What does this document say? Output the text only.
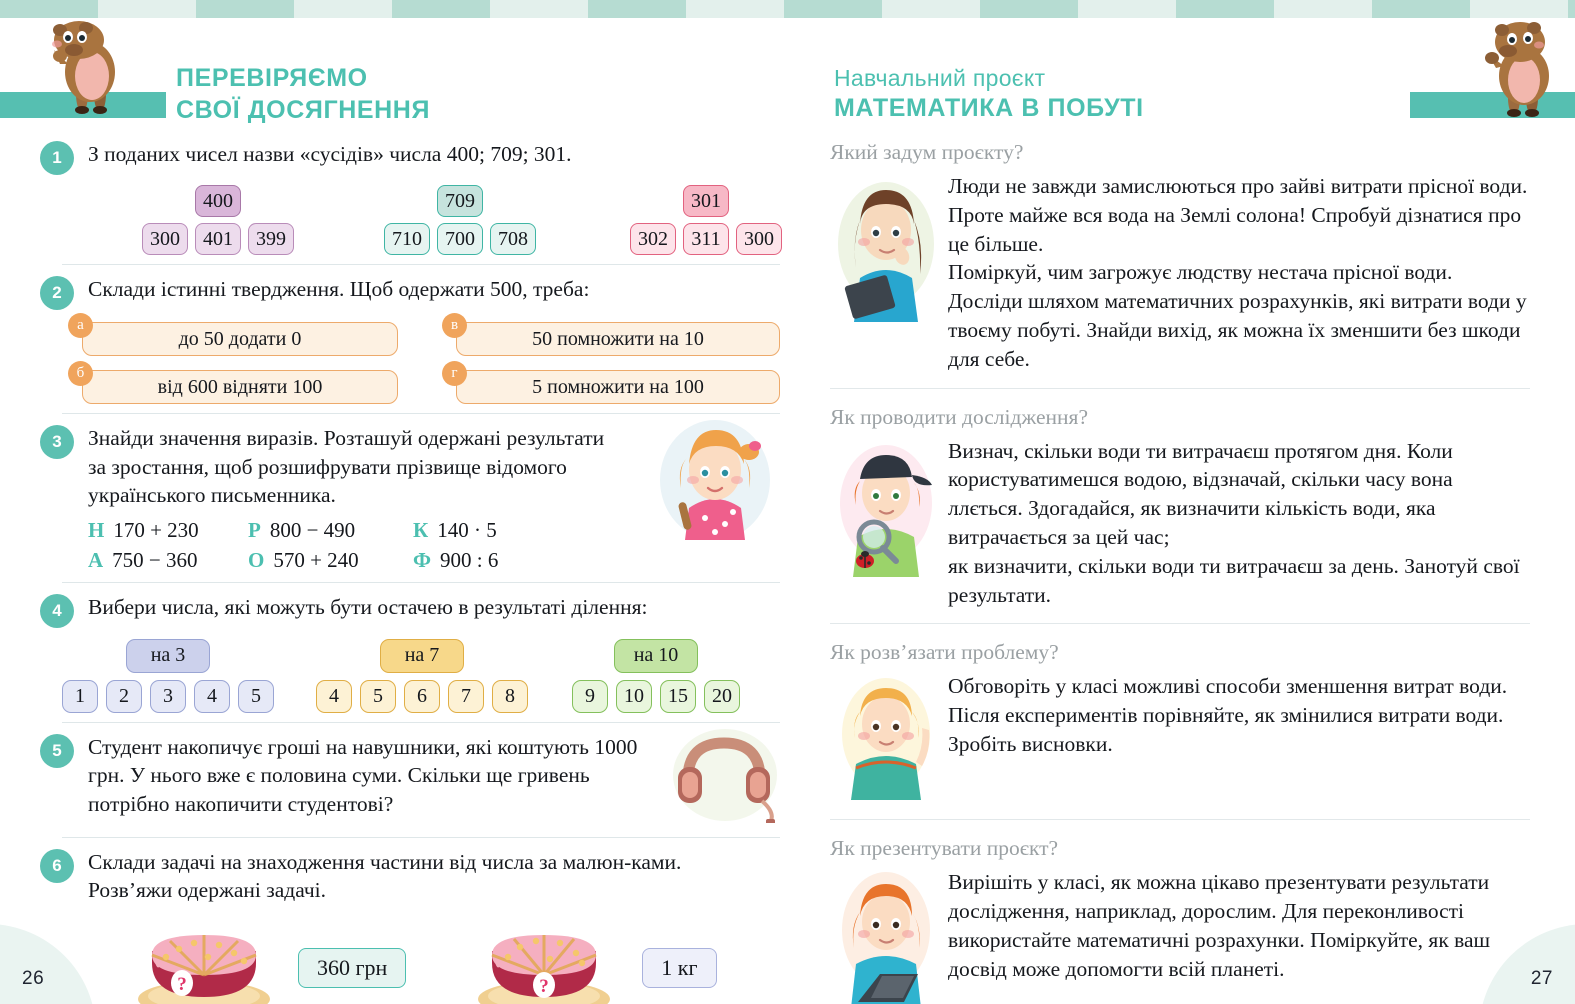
ПЕРЕВІРЯЄМО
СВОЇ ДОСЯГНЕННЯ
Навчальний проєкт
МАТЕМАТИКА В ПОБУТІ
1	З поданих чисел назви «сусідів» числа 400; 709; 301.
400
300	401	399
709
710	700	708
301
302	311	300
2	Склади істинні твердження. Щоб одержати 500, треба:
а
до 50 додати 0
в
50 помножити на 10
б
від 600 відняти 100
г
5 помножити на 100
3	Знайди значення виразів. Розташуй одержані результати за зростання, щоб розшифрувати прізвище відомого українського письменника.
Н 170 + 230	Р 800 − 490	К 140 · 5
А 750 − 360	О 570 + 240	Ф 900 : 6
4	Вибери числа, які можуть бути остачею в результаті ділення:
на 3
1	2	3	4	5
на 7
4	5	6	7	8
на 10
9	10	15	20
5	Студент накопичує гроші на навушники, які коштують 1000 грн. У нього вже є половина суми. Скільки ще гривень потрібно накопичити студентові?
6	Склади задачі на знаходження частини від числа за малюн-ками. Розв’яжи одержані задачі.
?
360 грн
?
1 кг
Який задум проєкту?
Люди не завжди замислюються про зайві витрати прісної води. Проте майже вся вода на Землі солона! Спробуй дізнатися про це більше.
Поміркуй, чим загрожує людству нестача прісної води. Досліди шляхом математичних розрахунків, які витрати води у твоєму побуті. Знайди вихід, як можна їх зменшити без шкоди для себе.
Як проводити дослідження?
Визнач, скільки води ти витрачаєш протягом дня. Коли користуватимешся водою, відзначай, скільки часу вона ллється. Здогадайся, як визначити кількість води, яка витрачається за цей час;
як визначити, скільки води ти витрачаєш за день. Занотуй свої результати.
Як розв’язати проблему?
Обговоріть у класі можливі способи зменшення витрат води.
Після експериментів порівняйте, як змінилися витрати води. Зробіть висновки.
Як презентувати проєкт?
Вирішіть у класі, як можна цікаво презентувати результати дослідження, наприклад, дорослим. Для переконливості використайте математичні розрахунки. Поміркуйте, як ваш досвід може допомогти всій планеті.
26	27
